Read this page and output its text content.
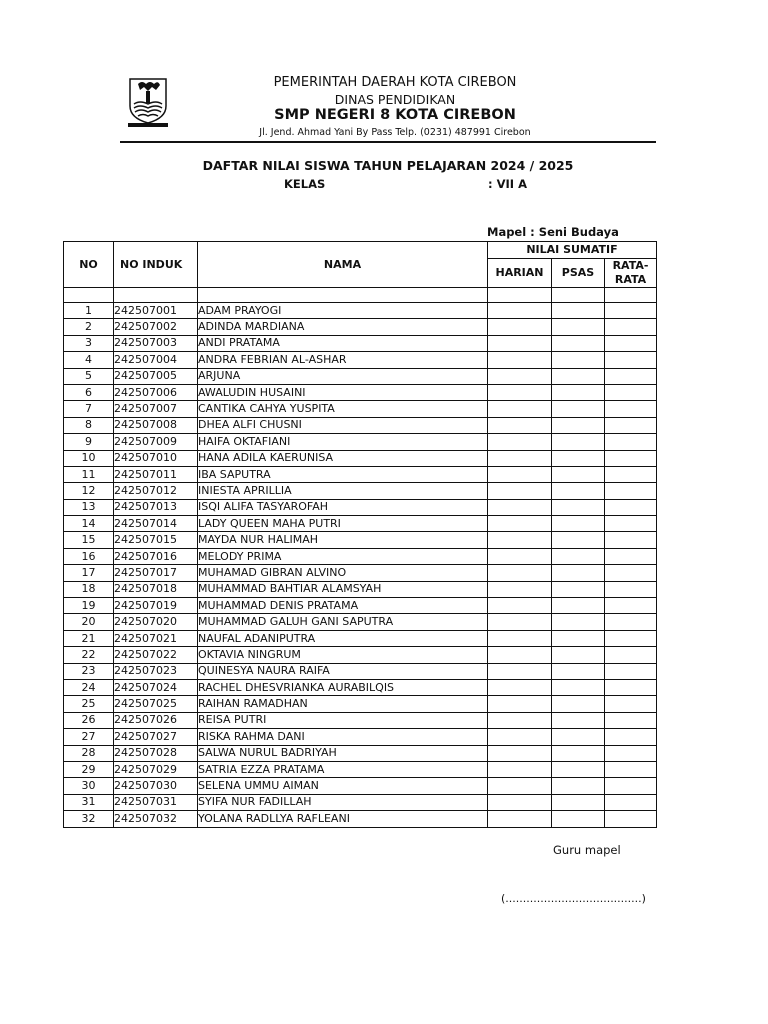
PEMERINTAH DAERAH KOTA CIREBON
DINAS PENDIDIKAN
SMP NEGERI 8 KOTA CIREBON
Jl. Jend. Ahmad Yani By Pass Telp. (0231) 487991 Cirebon
DAFTAR NILAI SISWA TAHUN PELAJARAN 2024 / 2025
KELAS	: VII A
Mapel : Seni Budaya
NO	NO INDUK	NAMA	NILAI SUMATIF		
			HARIAN	PSAS	RATA-RATA

1	242507001	ADAM PRAYOGI			
2	242507002	ADINDA MARDIANA			
3	242507003	ANDI PRATAMA			
4	242507004	ANDRA FEBRIAN AL-ASHAR			
5	242507005	ARJUNA			
6	242507006	AWALUDIN HUSAINI			
7	242507007	CANTIKA CAHYA YUSPITA			
8	242507008	DHEA ALFI CHUSNI			
9	242507009	HAIFA OKTAFIANI			
10	242507010	HANA ADILA KAERUNISA			
11	242507011	IBA SAPUTRA			
12	242507012	INIESTA APRILLIA			
13	242507013	ISQI ALIFA TASYAROFAH			
14	242507014	LADY QUEEN MAHA PUTRI			
15	242507015	MAYDA NUR HALIMAH			
16	242507016	MELODY PRIMA			
17	242507017	MUHAMAD GIBRAN ALVINO			
18	242507018	MUHAMMAD BAHTIAR ALAMSYAH			
19	242507019	MUHAMMAD DENIS PRATAMA			
20	242507020	MUHAMMAD GALUH GANI SAPUTRA			
21	242507021	NAUFAL ADANIPUTRA			
22	242507022	OKTAVIA NINGRUM			
23	242507023	QUINESYA NAURA RAIFA			
24	242507024	RACHEL DHESVRIANKA AURABILQIS			
25	242507025	RAIHAN RAMADHAN			
26	242507026	REISA PUTRI			
27	242507027	RISKA RAHMA DANI			
28	242507028	SALWA NURUL BADRIYAH			
29	242507029	SATRIA EZZA PRATAMA			
30	242507030	SELENA UMMU AIMAN			
31	242507031	SYIFA NUR FADILLAH			
32	242507032	YOLANA RADLLYA RAFLEANI			
Guru mapel
(.......................................)
